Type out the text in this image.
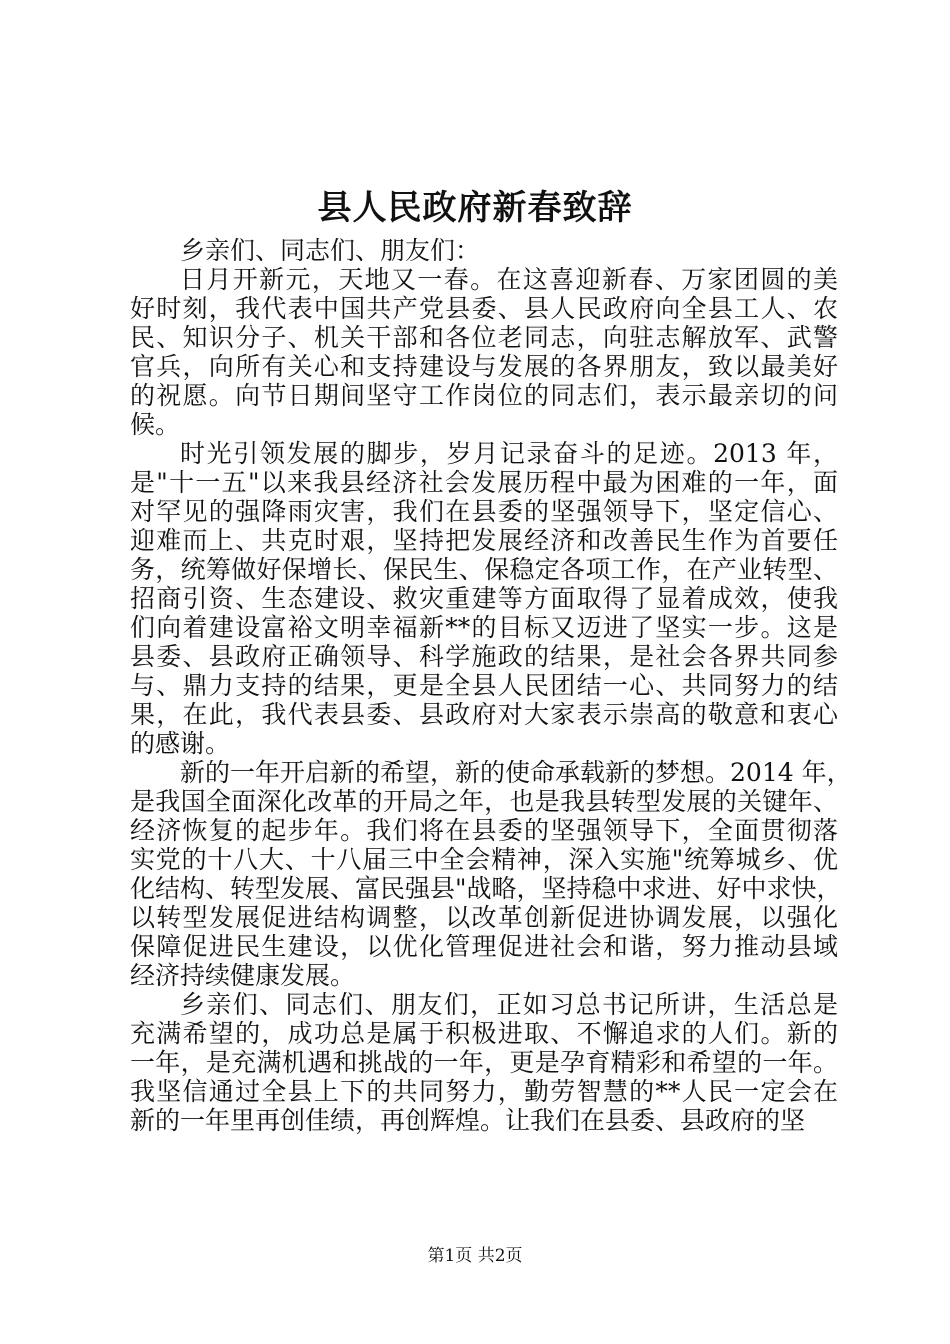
县人民政府新春致辞
乡亲们、同志们、朋友们：
日月开新元，天地又一春。在这喜迎新春、万家团圆的美
好时刻，我代表中国共产党县委、县人民政府向全县工人、农
民、知识分子、机关干部和各位老同志，向驻志解放军、武警
官兵，向所有关心和支持建设与发展的各界朋友，致以最美好
的祝愿。向节日期间坚守工作岗位的同志们，表示最亲切的问
候。
时光引领发展的脚步，岁月记录奋斗的足迹。2013 年，
是"十一五"以来我县经济社会发展历程中最为困难的一年，面
对罕见的强降雨灾害，我们在县委的坚强领导下，坚定信心、
迎难而上、共克时艰，坚持把发展经济和改善民生作为首要任
务，统筹做好保增长、保民生、保稳定各项工作，在产业转型、
招商引资、生态建设、救灾重建等方面取得了显着成效，使我
们向着建设富裕文明幸福新**的目标又迈进了坚实一步。这是
县委、县政府正确领导、科学施政的结果，是社会各界共同参
与、鼎力支持的结果，更是全县人民团结一心、共同努力的结
果，在此，我代表县委、县政府对大家表示崇高的敬意和衷心
的感谢。
新的一年开启新的希望，新的使命承载新的梦想。2014 年，
是我国全面深化改革的开局之年，也是我县转型发展的关键年、
经济恢复的起步年。我们将在县委的坚强领导下，全面贯彻落
实党的十八大、十八届三中全会精神，深入实施"统筹城乡、优
化结构、转型发展、富民强县"战略，坚持稳中求进、好中求快，
以转型发展促进结构调整，以改革创新促进协调发展，以强化
保障促进民生建设，以优化管理促进社会和谐，努力推动县域
经济持续健康发展。
乡亲们、同志们、朋友们，正如习总书记所讲，生活总是
充满希望的，成功总是属于积极进取、不懈追求的人们。新的
一年，是充满机遇和挑战的一年，更是孕育精彩和希望的一年。
我坚信通过全县上下的共同努力，勤劳智慧的**人民一定会在
新的一年里再创佳绩，再创辉煌。让我们在县委、县政府的坚
第1页 共2页
